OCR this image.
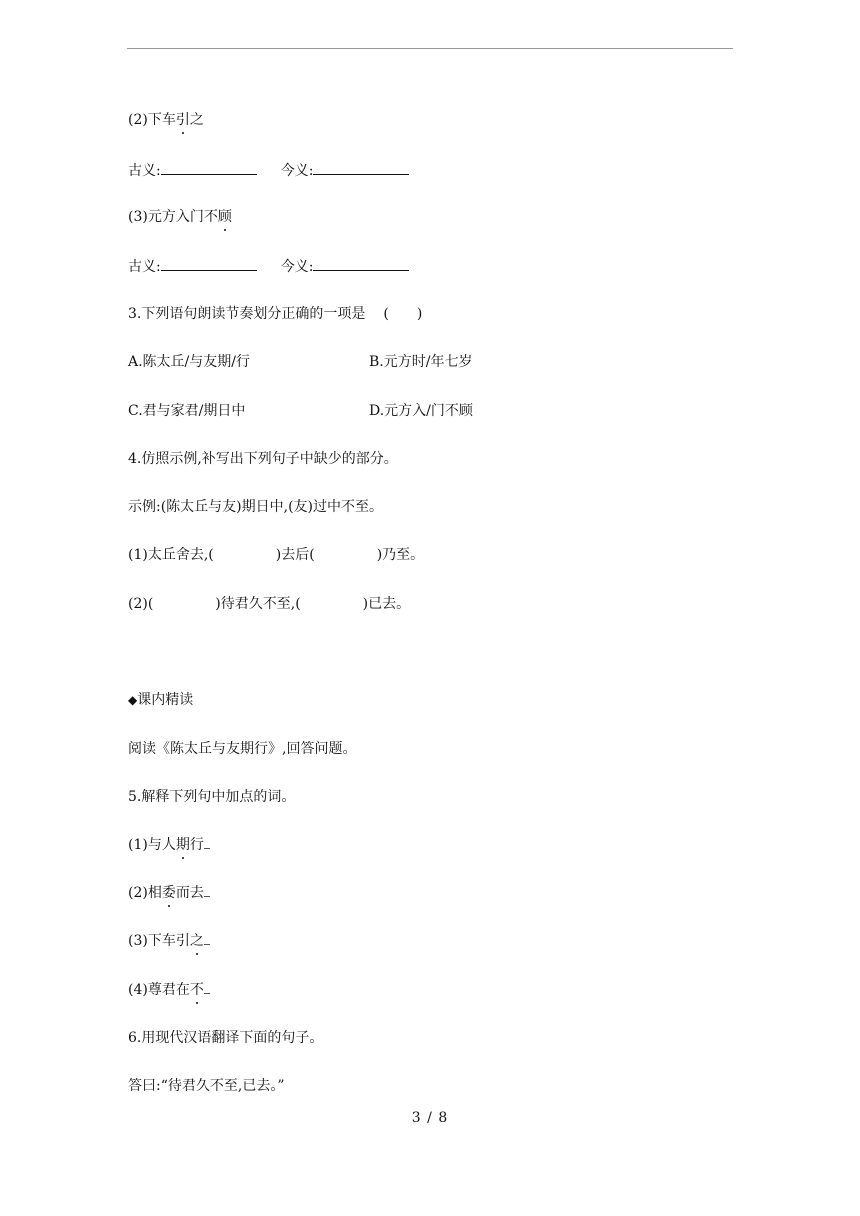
(2)下车引之
古义:	今义:
(3)元方入门不顾
古义:	今义:
3.下列语句朗读节奏划分正确的一项是 (　　)
A.陈太丘/与友期/行	B.元方时/年七岁
C.君与家君/期日中	D.元方入/门不顾
4.仿照示例,补写出下列句子中缺少的部分。
示例:(陈太丘与友)期日中,(友)过中不至。
(1)太丘舍去,(	)去后(	)乃至。
(2)(	)待君久不至,(	)已去。
◆课内精读
阅读《陈太丘与友期行》,回答问题。
5.解释下列句中加点的词。
(1)与人期行
(2)相委而去
(3)下车引之
(4)尊君在不
6.用现代汉语翻译下面的句子。
答曰:“待君久不至,已去。”
3 / 8
